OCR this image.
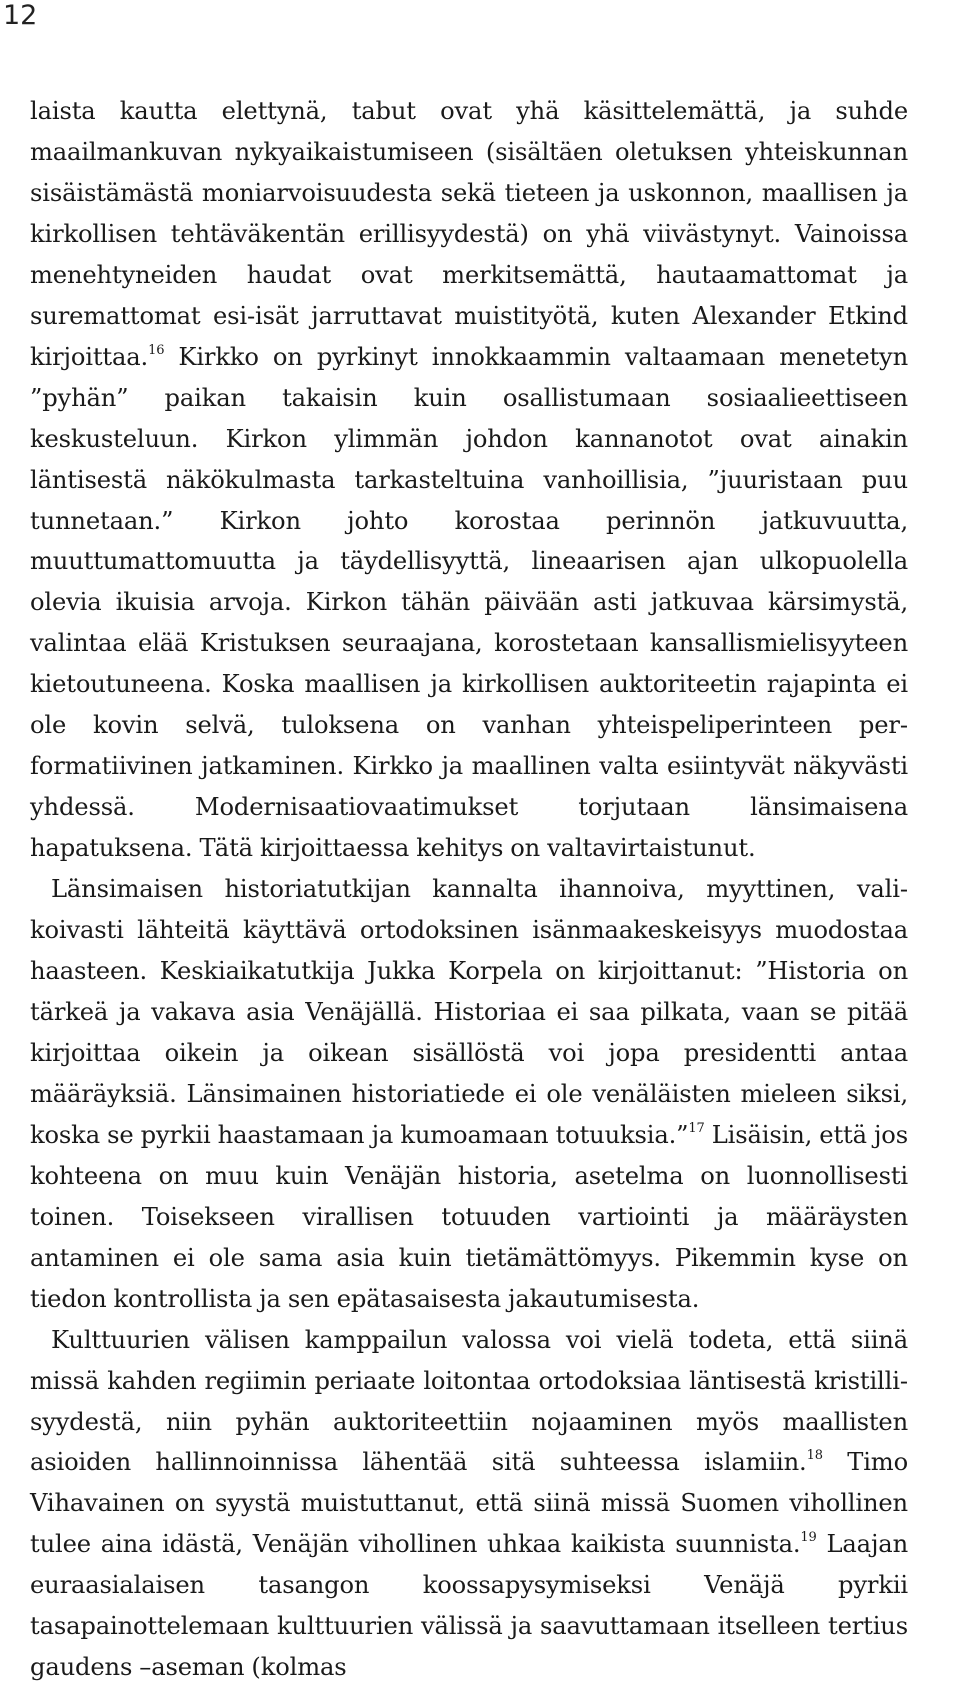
12

laista kautta elettynä, tabut ovat yhä käsittelemättä, ja suhde maailmankuvan nykyaikaistumiseen (sisältäen oletuksen yhteiskunnan sisäistämästä moniarvoisuudesta sekä tieteen ja uskonnon, maallisen ja kirkollisen tehtäväkentän erillisyydestä) on yhä viivästynyt. Vainoissa menehtyneiden haudat ovat merkitsemättä, hautaamattomat ja suremattomat esi-isät jarruttavat muistityötä, kuten Alexander Etkind kirjoittaa.$^{16}$ Kirkko on pyrkinyt innokkaammin valtaamaan menetetyn ”pyhän” paikan takaisin kuin osallistumaan sosiaalieettiseen keskusteluun. Kirkon ylimmän johdon kannanotot ovat ainakin läntisestä näkökulmasta tarkasteltuina vanhoillisia, ”juuristaan puu tunnetaan.” Kirkon johto korostaa perinnön jatkuvuutta, muuttumattomuutta ja täydellisyyttä, lineaarisen ajan ulkopuolella olevia ikuisia arvoja. Kirkon tähän päivään asti jatkuvaa kärsimystä, valintaa elää Kristuksen seuraajana, korostetaan kansallismielisyyteen kietoutuneena. Koska maallisen ja kirkollisen auktoriteetin rajapinta ei ole kovin selvä, tuloksena on vanhan yhteispeliperinteen performatiivinen jatkaminen. Kirkko ja maallinen valta esiintyvät näkyvästi yhdessä. Modernisaatiovaatimukset torjutaan länsimaisena hapatuksena. Tätä kirjoittaessa kehitys on valtavirtaistunut.

Länsimaisen historiatutkijan kannalta ihannoiva, myyttinen, valikoivasti lähteitä käyttävä ortodoksinen isänmaakeskeisyys muodostaa haasteen. Keskiaikatutkija Jukka Korpela on kirjoittanut: ”Historia on tärkeä ja vakava asia Venäjällä. Historiaa ei saa pilkata, vaan se pitää kirjoittaa oikein ja oikean sisällöstä voi jopa presidentti antaa määräyksiä. Länsimainen historiatiede ei ole venäläisten mieleen siksi, koska se pyrkii haastamaan ja kumoamaan totuuksia.”$^{17}$ Lisäisin, että jos kohteena on muu kuin Venäjän historia, asetelma on luonnollisesti toinen. Toisekseen virallisen totuuden vartiointi ja määräysten antaminen ei ole sama asia kuin tietämättömyys. Pikemmin kyse on tiedon kontrollista ja sen epätasaisesta jakautumisesta.

Kulttuurien välisen kamppailun valossa voi vielä todeta, että siinä missä kahden regiimin periaate loitontaa ortodoksiaa läntisestä kristillisyydestä, niin pyhän auktoriteettiin nojaaminen myös maallisten asioiden hallinnoinnissa lähentää sitä suhteessa islamiin.$^{18}$ Timo Vihavainen on syystä muistuttanut, että siinä missä Suomen vihollinen tulee aina idästä, Venäjän vihollinen uhkaa kaikista suunnista.$^{19}$ Laajan euraasialaisen tasangon koossapysymiseksi Venäjä pyrkii tasapainottelemaan kulttuurien välissä ja saavuttamaan itselleen tertius gaudens –aseman (kolmas
